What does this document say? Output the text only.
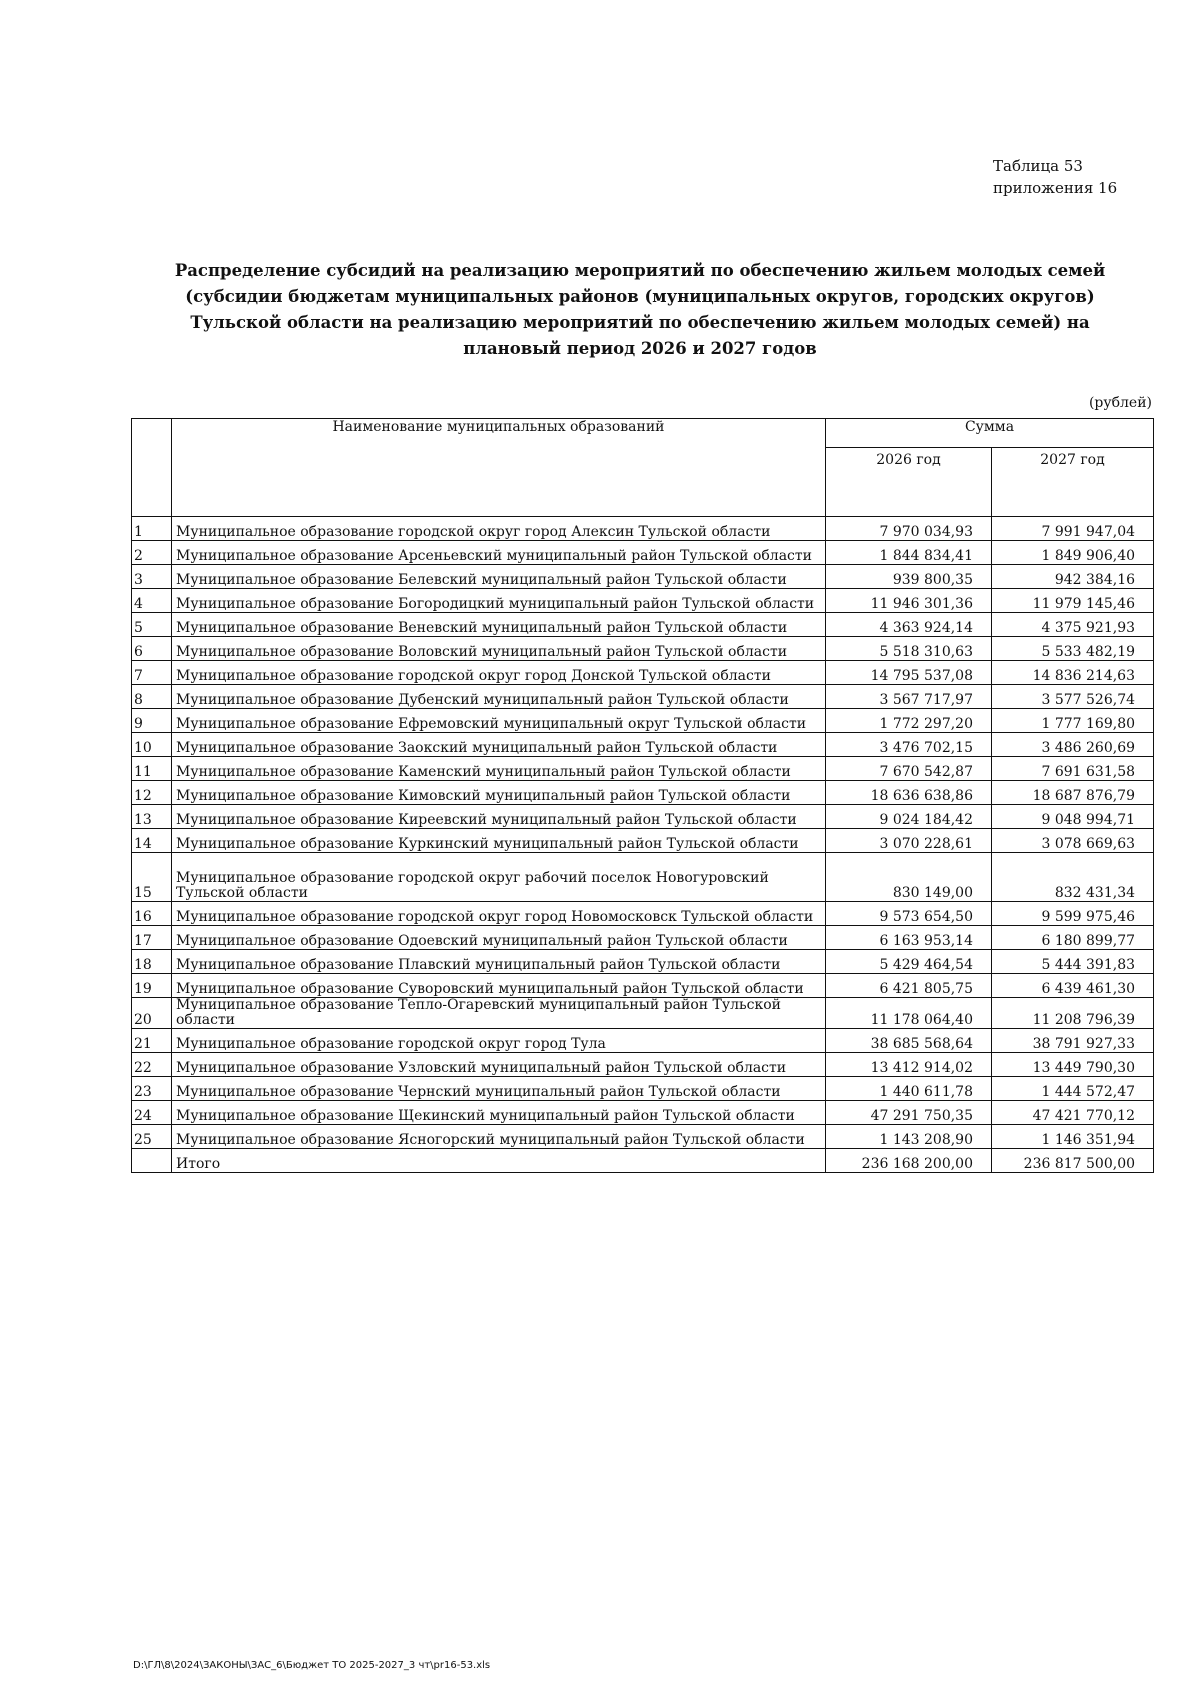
Таблица 53
приложения 16
Распределение субсидий на реализацию мероприятий по обеспечению жильем молодых семей (субсидии бюджетам муниципальных районов (муниципальных округов, городских округов) Тульской области на реализацию мероприятий по обеспечению жильем молодых семей) на плановый период 2026 и 2027 годов
(рублей)
	Наименование муниципальных образований	Сумма	
		2026 год	2027 год
1	Муниципальное образование городской округ город Алексин Тульской области	7 970 034,93	7 991 947,04
2	Муниципальное образование Арсеньевский муниципальный район Тульской области	1 844 834,41	1 849 906,40
3	Муниципальное образование Белевский муниципальный район Тульской области	939 800,35	942 384,16
4	Муниципальное образование Богородицкий муниципальный район Тульской области	11 946 301,36	11 979 145,46
5	Муниципальное образование Веневский муниципальный район Тульской области	4 363 924,14	4 375 921,93
6	Муниципальное образование Воловский муниципальный район Тульской области	5 518 310,63	5 533 482,19
7	Муниципальное образование городской округ город Донской Тульской области	14 795 537,08	14 836 214,63
8	Муниципальное образование Дубенский муниципальный район Тульской области	3 567 717,97	3 577 526,74
9	Муниципальное образование Ефремовский муниципальный округ Тульской области	1 772 297,20	1 777 169,80
10	Муниципальное образование Заокский муниципальный район Тульской области	3 476 702,15	3 486 260,69
11	Муниципальное образование Каменский муниципальный район Тульской области	7 670 542,87	7 691 631,58
12	Муниципальное образование Кимовский муниципальный район Тульской области	18 636 638,86	18 687 876,79
13	Муниципальное образование Киреевский муниципальный район Тульской области	9 024 184,42	9 048 994,71
14	Муниципальное образование Куркинский муниципальный район Тульской области	3 070 228,61	3 078 669,63
15	Муниципальное образование городской округ рабочий поселок Новогуровский Тульской области	830 149,00	832 431,34
16	Муниципальное образование городской округ город Новомосковск Тульской области	9 573 654,50	9 599 975,46
17	Муниципальное образование Одоевский муниципальный район Тульской области	6 163 953,14	6 180 899,77
18	Муниципальное образование Плавский муниципальный район Тульской области	5 429 464,54	5 444 391,83
19	Муниципальное образование Суворовский муниципальный район Тульской области	6 421 805,75	6 439 461,30
20	Муниципальное образование Тепло-Огаревский муниципальный район Тульской области	11 178 064,40	11 208 796,39
21	Муниципальное образование городской округ город Тула	38 685 568,64	38 791 927,33
22	Муниципальное образование Узловский муниципальный район Тульской области	13 412 914,02	13 449 790,30
23	Муниципальное образование Чернский муниципальный район Тульской области	1 440 611,78	1 444 572,47
24	Муниципальное образование Щекинский муниципальный район Тульской области	47 291 750,35	47 421 770,12
25	Муниципальное образование Ясногорский муниципальный район Тульской области	1 143 208,90	1 146 351,94
	Итого	236 168 200,00	236 817 500,00
D:\ГЛ\8\2024\ЗАКОНЫ\ЗАС_6\Бюджет ТО 2025-2027_3 чт\pr16-53.xls
